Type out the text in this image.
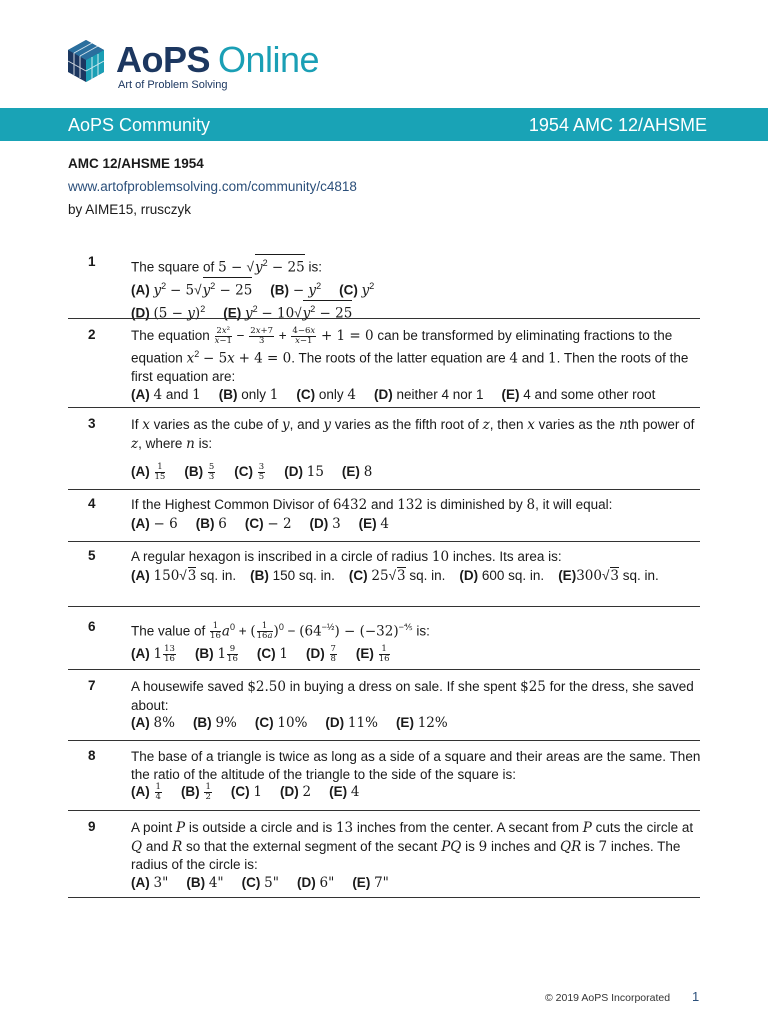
AoPS Online
Art of Problem Solving
AoPS Community	1954 AMC 12/AHSME
AMC 12/AHSME 1954
www.artofproblemsolving.com/community/c4818
by AIME15, rrusczyk
1	The square of $5 - √y^2 - 25$ is:
(A) $y^2 - 5√y^2 - 25$ $(B) - y^2$ (C) $y^2$
(D) $(5 - y)^2$ (E) $y^2 - 10√y^2 - 25$
2	The equation $\frac{\text{2x²}}{x-1} - \frac{2x+7}{3} + \frac{4-6x}{x-1} + 1 = 0$ can be transformed by eliminating fractions to the equation $x^2 - 5x + 4 = 0$. The roots of the latter equation are 4 and 1. Then the roots of the first equation are:
(A) 4 and 1 (B) only 1 (C) only 4 (D) neither 4 nor 1 (E) 4 and some other root
3	If x varies as the cube of y, and y varies as the fifth root of z, then x varies as the nth power of z, where n is:
$(A) \frac{1}{15} (B) \frac{5}{3} (C) \frac{3}{5} (D)$ 15 (E) 8
4	If the Highest Common Divisor of 6432 and 132 is diminished by 8, it will equal:
(A) − 6 (B) 6 (C) − 2 (D) 3 (E) 4
5	A regular hexagon is inscribed in a circle of radius 10 inches. Its area is:
(A) 150√3 sq. in. (B) 150 sq. in. (C) 25√3 sq. in. (D) 600 sq. in. (E)300√3 sq. in.
6	The value of $\frac{1}{16} a^0$ + ( $\frac{1}{16a} )^0 - (64^{-\frac{1}{2}}) - (-32)^{-\frac{4}{5}}$ is:
(A) $1 \frac{13}{16} (B)$ $1 \frac{9}{16} (C)$ 1 $(D) \frac{7}{8} (E) \frac{1}{16}$
7	A housewife saved $2.50 in buying a dress on sale. If she spent $25 for the dress, she saved about:
(A) 8% (B) 9% (C) 10% (D) 11% (E) 12%
8	The base of a triangle is twice as long as a side of a square and their areas are the same. Then the ratio of the altitude of the triangle to the side of the square is:
$(A) \frac{1}{4} (B) \frac{1}{2} (C)$ 1 (D) 2 (E) 4
9	A point P is outside a circle and is 13 inches from the center. A secant from P cuts the circle at Q and R so that the external segment of the secant PQ is 9 inches and QR is 7 inches. The radius of the circle is:
(A) 3" (B) 4" (C) 5" (D) 6" (E) 7"
© 2019 AoPS Incorporated 1
